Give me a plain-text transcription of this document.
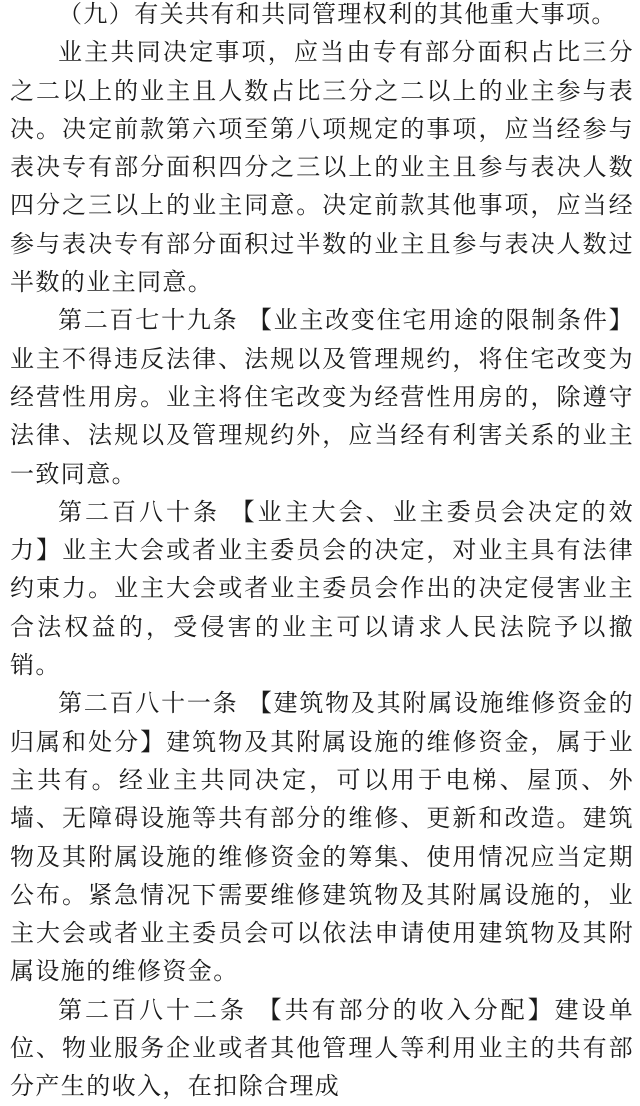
（九）有关共有和共同管理权利的其他重大事项。

业主共同决定事项，应当由专有部分面积占比三分之二以上的业主且人数占比三分之二以上的业主参与表决。决定前款第六项至第八项规定的事项，应当经参与表决专有部分面积四分之三以上的业主且参与表决人数四分之三以上的业主同意。决定前款其他事项，应当经参与表决专有部分面积过半数的业主且参与表决人数过半数的业主同意。

第二百七十九条 【业主改变住宅用途的限制条件】业主不得违反法律、法规以及管理规约，将住宅改变为经营性用房。业主将住宅改变为经营性用房的，除遵守法律、法规以及管理规约外，应当经有利害关系的业主一致同意。

第二百八十条 【业主大会、业主委员会决定的效力】业主大会或者业主委员会的决定，对业主具有法律约束力。业主大会或者业主委员会作出的决定侵害业主合法权益的，受侵害的业主可以请求人民法院予以撤销。

第二百八十一条 【建筑物及其附属设施维修资金的归属和处分】建筑物及其附属设施的维修资金，属于业主共有。经业主共同决定，可以用于电梯、屋顶、外墙、无障碍设施等共有部分的维修、更新和改造。建筑物及其附属设施的维修资金的筹集、使用情况应当定期公布。紧急情况下需要维修建筑物及其附属设施的，业主大会或者业主委员会可以依法申请使用建筑物及其附属设施的维修资金。

第二百八十二条 【共有部分的收入分配】建设单位、物业服务企业或者其他管理人等利用业主的共有部分产生的收入，在扣除合理成
